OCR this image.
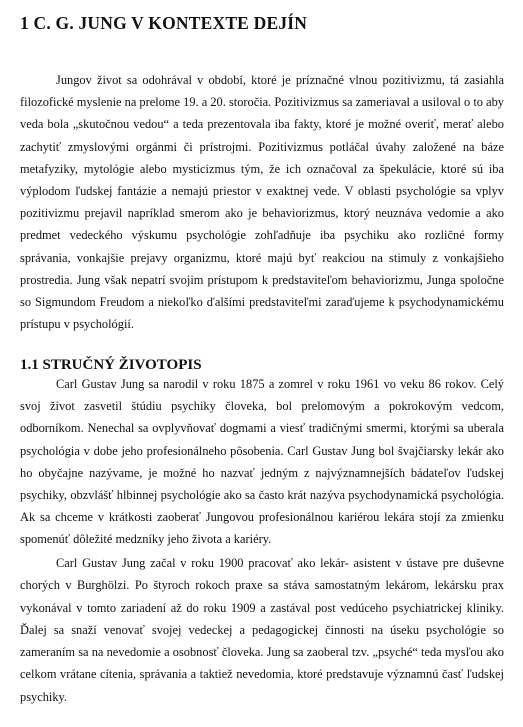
1 C. G. JUNG V KONTEXTE DEJÍN

Jungov život sa odohrával v období, ktoré je príznačné vlnou pozitivizmu, tá zasiahla filozofické myslenie na prelome 19. a 20. storočia. Pozitivizmus sa zameriaval a usiloval o to aby veda bola „skutočnou vedou“ a teda prezentovala iba fakty, ktoré je možné overiť, merať alebo zachytiť zmyslovými orgánmi či prístrojmi. Pozitivizmus potláčal úvahy založené na báze metafyziky, mytológie alebo mysticizmus tým, že ich označoval za špekulácie, ktoré sú iba výplodom ľudskej fantázie a nemajú priestor v exaktnej vede. V oblasti psychológie sa vplyv pozitivizmu prejavil napríklad smerom ako je behaviorizmus, ktorý neuznáva vedomie a ako predmet vedeckého výskumu psychológie zohľadňuje iba psychiku ako rozličné formy správania, vonkajšie prejavy organizmu, ktoré majú byť reakciou na stimuly z vonkajšieho prostredia. Jung však nepatrí svojim prístupom k predstaviteľom behaviorizmu, Junga spoločne so Sigmundom Freudom a niekoľko ďalšími predstaviteľmi zaraďujeme k psychodynamickému prístupu v psychológií.

1.1 STRUČNÝ ŽIVOTOPIS

Carl Gustav Jung sa narodil v roku 1875 a zomrel v roku 1961 vo veku 86 rokov. Celý svoj život zasvetil štúdiu psychiky človeka, bol prelomovým a pokrokovým vedcom, odborníkom. Nenechal sa ovplyvňovať dogmami a viesť tradičnými smermi, ktorými sa uberala psychológia v dobe jeho profesionálneho pôsobenia. Carl Gustav Jung bol švajčiarsky lekár ako ho obyčajne nazývame, je možné ho nazvať jedným z najvýznamnejších bádateľov ľudskej psychiky, obzvlášť hlbinnej psychológie ako sa často krát nazýva psychodynamická psychológia. Ak sa chceme v krátkosti zaoberať Jungovou profesionálnou kariérou lekára stojí za zmienku spomenúť dôležité medzníky jeho života a kariéry.

Carl Gustav Jung začal v roku 1900 pracovať ako lekár- asistent v ústave pre duševne chorých v Burghölzi. Po štyroch rokoch praxe sa stáva samostatným lekárom, lekársku prax vykonával v tomto zariadení až do roku 1909 a zastával post vedúceho psychiatrickej kliniky. Ďalej sa snaží venovať svojej vedeckej a pedagogickej činnosti na úseku psychológie so zameraním sa na nevedomie a osobnosť človeka. Jung sa zaoberal tzv. „psyché“ teda mysľou ako celkom vrátane cítenia, správania a taktiež nevedomia, ktoré predstavuje významnú časť ľudskej psychiky.
